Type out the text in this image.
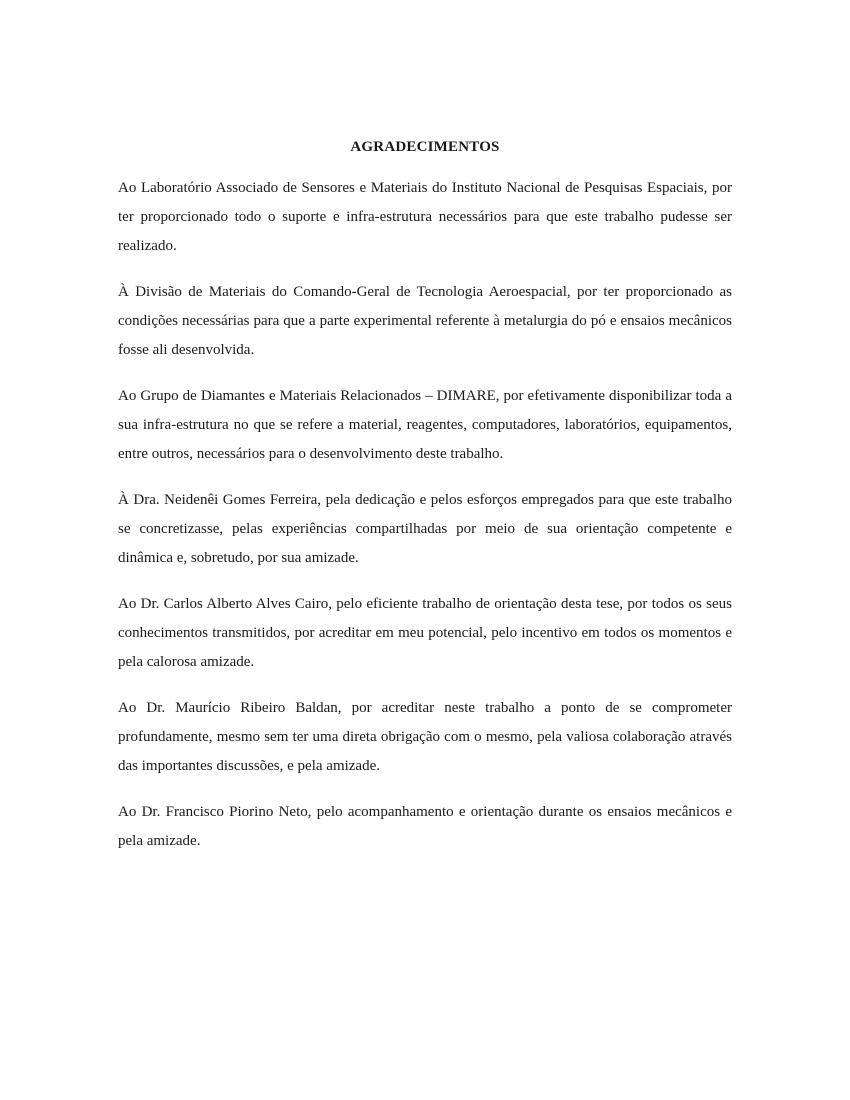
AGRADECIMENTOS

Ao Laboratório Associado de Sensores e Materiais do Instituto Nacional de Pesquisas Espaciais, por ter proporcionado todo o suporte e infra-estrutura necessários para que este trabalho pudesse ser realizado.

À Divisão de Materiais do Comando-Geral de Tecnologia Aeroespacial, por ter proporcionado as condições necessárias para que a parte experimental referente à metalurgia do pó e ensaios mecânicos fosse ali desenvolvida.

Ao Grupo de Diamantes e Materiais Relacionados – DIMARE, por efetivamente disponibilizar toda a sua infra-estrutura no que se refere a material, reagentes, computadores, laboratórios, equipamentos, entre outros, necessários para o desenvolvimento deste trabalho.

À Dra. Neidenêi Gomes Ferreira, pela dedicação e pelos esforços empregados para que este trabalho se concretizasse, pelas experiências compartilhadas por meio de sua orientação competente e dinâmica e, sobretudo, por sua amizade.

Ao Dr. Carlos Alberto Alves Cairo, pelo eficiente trabalho de orientação desta tese, por todos os seus conhecimentos transmitidos, por acreditar em meu potencial, pelo incentivo em todos os momentos e pela calorosa amizade.

Ao Dr. Maurício Ribeiro Baldan, por acreditar neste trabalho a ponto de se comprometer profundamente, mesmo sem ter uma direta obrigação com o mesmo, pela valiosa colaboração através das importantes discussões, e pela amizade.

Ao Dr. Francisco Piorino Neto, pelo acompanhamento e orientação durante os ensaios mecânicos e pela amizade.
